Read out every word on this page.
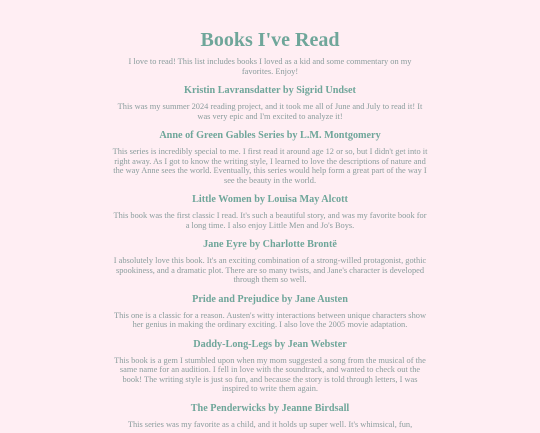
Books I've Read

I love to read! This list includes books I loved as a kid and some commentary on my favorites. Enjoy!

Kristin Lavransdatter by Sigrid Undset

This was my summer 2024 reading project, and it took me all of June and July to read it! It was very epic and I'm excited to analyze it!

Anne of Green Gables Series by L.M. Montgomery

This series is incredibly special to me. I first read it around age 12 or so, but I didn't get into it right away. As I got to know the writing style, I learned to love the descriptions of nature and the way Anne sees the world. Eventually, this series would help form a great part of the way I see the beauty in the world.

Little Women by Louisa May Alcott

This book was the first classic I read. It's such a beautiful story, and was my favorite book for a long time. I also enjoy Little Men and Jo's Boys.

Jane Eyre by Charlotte Brontë

I absolutely love this book. It's an exciting combination of a strong-willed protagonist, gothic spookiness, and a dramatic plot. There are so many twists, and Jane's character is developed through them so well.

Pride and Prejudice by Jane Austen

This one is a classic for a reason. Austen's witty interactions between unique characters show her genius in making the ordinary exciting. I also love the 2005 movie adaptation.

Daddy-Long-Legs by Jean Webster

This book is a gem I stumbled upon when my mom suggested a song from the musical of the same name for an audition. I fell in love with the soundtrack, and wanted to check out the book! The writing style is just so fun, and because the story is told through letters, I was inspired to write them again.

The Penderwicks by Jeanne Birdsall

This series was my favorite as a child, and it holds up super well. It's whimsical, fun,
